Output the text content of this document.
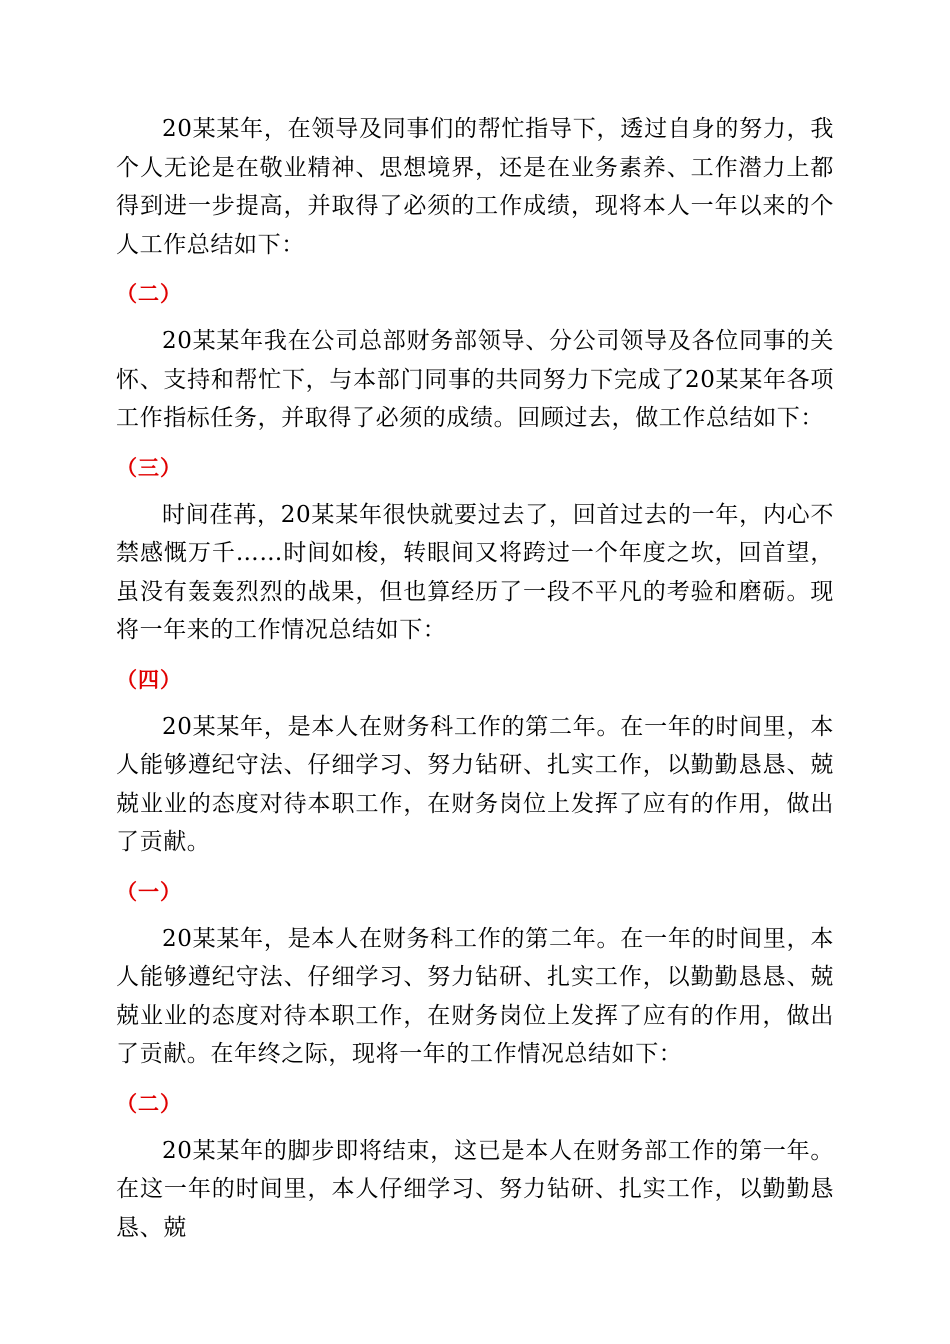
20某某年，在领导及同事们的帮忙指导下，透过自身的努力，我个人无论是在敬业精神、思想境界，还是在业务素养、工作潜力上都得到进一步提高，并取得了必须的工作成绩，现将本人一年以来的个人工作总结如下：

（二）

20某某年我在公司总部财务部领导、分公司领导及各位同事的关怀、支持和帮忙下，与本部门同事的共同努力下完成了20某某年各项工作指标任务，并取得了必须的成绩。回顾过去，做工作总结如下：

（三）

时间荏苒，20某某年很快就要过去了，回首过去的一年，内心不禁感慨万千……时间如梭，转眼间又将跨过一个年度之坎，回首望，虽没有轰轰烈烈的战果，但也算经历了一段不平凡的考验和磨砺。现将一年来的工作情况总结如下：

（四）

20某某年，是本人在财务科工作的第二年。在一年的时间里，本人能够遵纪守法、仔细学习、努力钻研、扎实工作，以勤勤恳恳、兢兢业业的态度对待本职工作，在财务岗位上发挥了应有的作用，做出了贡献。

（一）

20某某年，是本人在财务科工作的第二年。在一年的时间里，本人能够遵纪守法、仔细学习、努力钻研、扎实工作，以勤勤恳恳、兢兢业业的态度对待本职工作，在财务岗位上发挥了应有的作用，做出了贡献。在年终之际，现将一年的工作情况总结如下：

（二）

20某某年的脚步即将结束，这已是本人在财务部工作的第一年。在这一年的时间里，本人仔细学习、努力钻研、扎实工作，以勤勤恳恳、兢
